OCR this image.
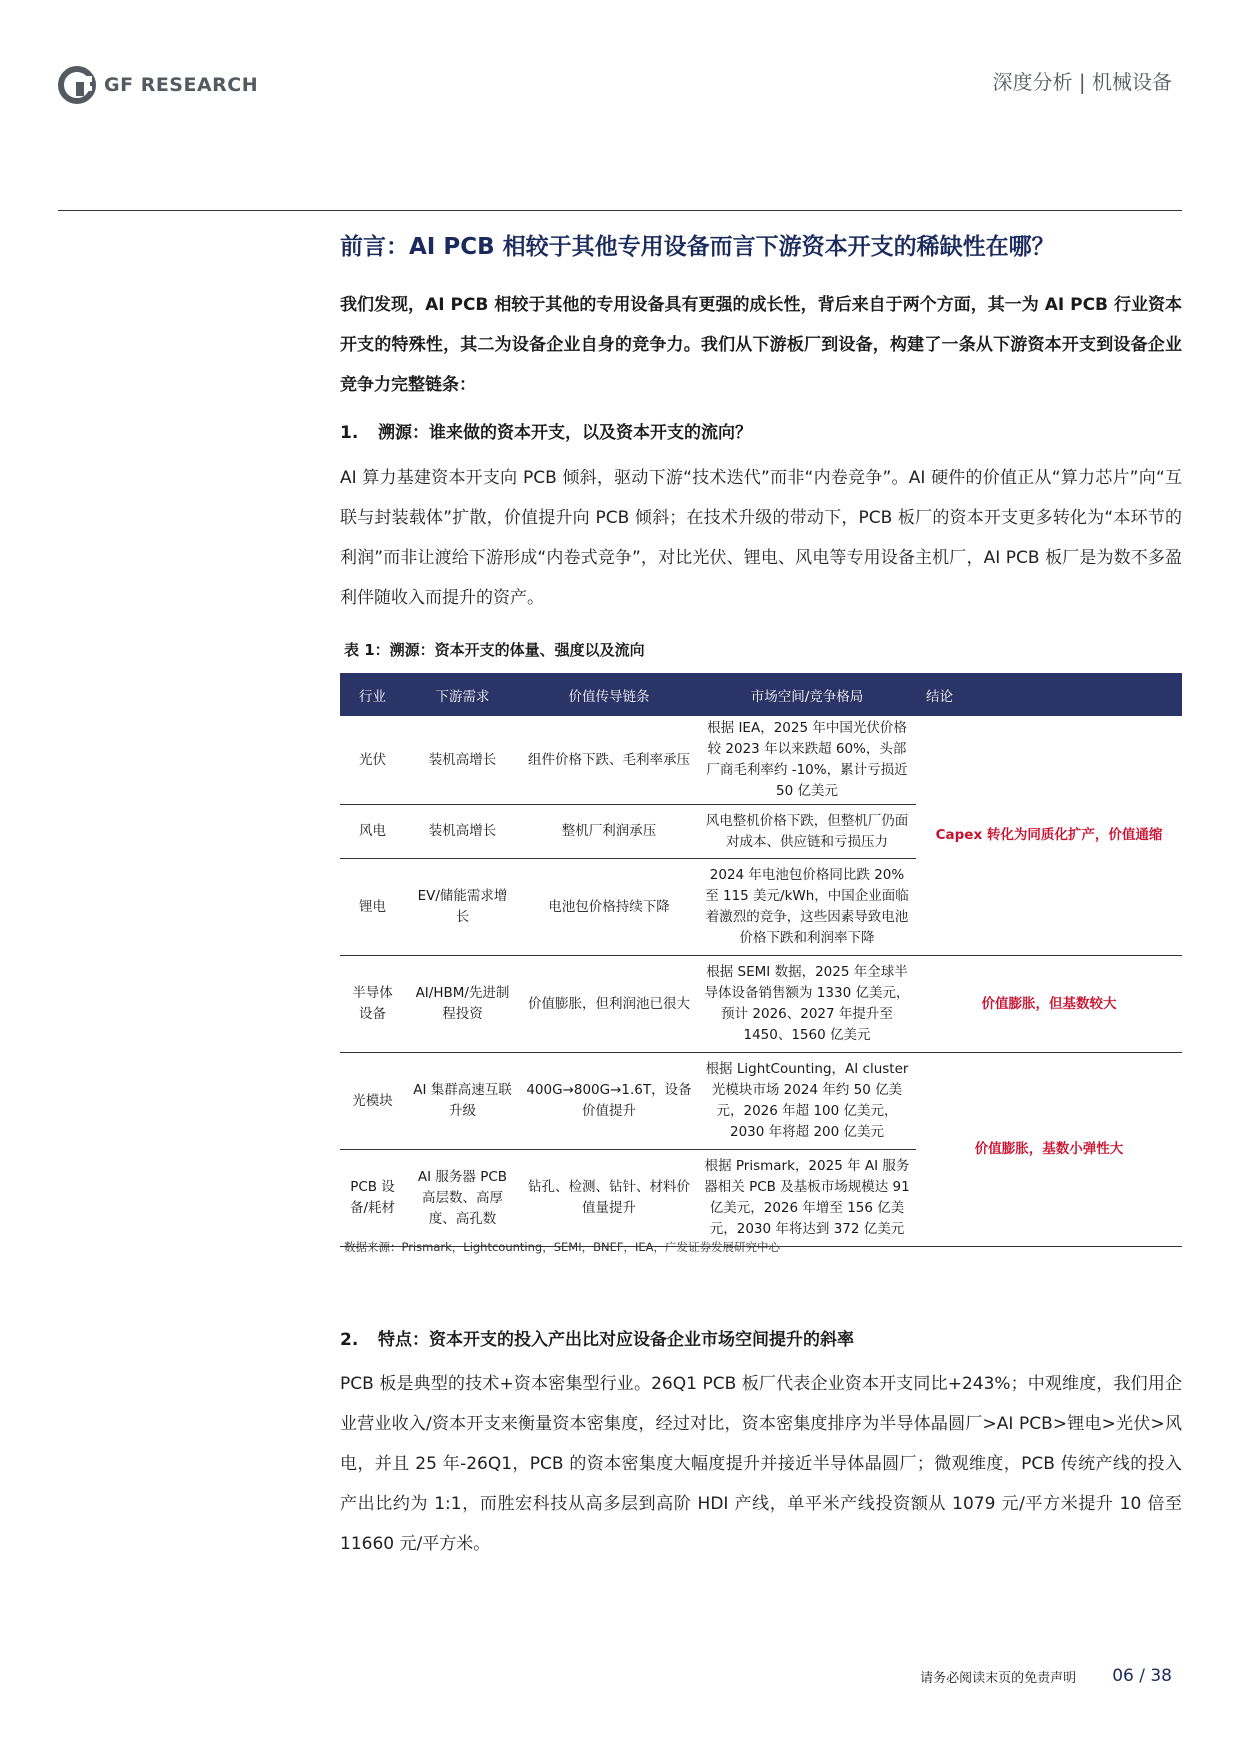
GF RESEARCH	深度分析 | 机械设备
前言：AI PCB 相较于其他专用设备而言下游资本开支的稀缺性在哪？
我们发现，AI PCB 相较于其他的专用设备具有更强的成长性，背后来自于两个方面，其一为 AI PCB 行业资本开支的特殊性，其二为设备企业自身的竞争力。我们从下游板厂到设备，构建了一条从下游资本开支到设备企业竞争力完整链条：
1. 溯源：谁来做的资本开支，以及资本开支的流向？
AI 算力基建资本开支向 PCB 倾斜，驱动下游“技术迭代”而非“内卷竞争”。AI 硬件的价值正从“算力芯片”向“互联与封装载体”扩散，价值提升向 PCB 倾斜；在技术升级的带动下，PCB 板厂的资本开支更多转化为“本环节的利润”而非让渡给下游形成“内卷式竞争”，对比光伏、锂电、风电等专用设备主机厂，AI PCB 板厂是为数不多盈利伴随收入而提升的资产。
表 1：溯源：资本开支的体量、强度以及流向
行业	下游需求	价值传导链条	市场空间/竞争格局	结论
光伏	装机高增长	组件价格下跌、毛利率承压	根据 IEA，2025 年中国光伏价格较 2023 年以来跌超 60%，头部厂商毛利率约 -10%，累计亏损近 50 亿美元	Capex 转化为同质化扩产，价值通缩
风电	装机高增长	整机厂利润承压	风电整机价格下跌，但整机厂仍面对成本、供应链和亏损压力	
锂电	EV/储能需求增长	电池包价格持续下降	2024 年电池包价格同比跌 20% 至 115 美元/kWh，中国企业面临着激烈的竞争，这些因素导致电池价格下跌和利润率下降	
半导体设备	AI/HBM/先进制程投资	价值膨胀，但利润池已很大	根据 SEMI 数据，2025 年全球半导体设备销售额为 1330 亿美元，预计 2026、2027 年提升至 1450、1560 亿美元	价值膨胀，但基数较大
光模块	AI 集群高速互联升级	400G→800G→1.6T，设备价值提升	根据 LightCounting，AI cluster 光模块市场 2024 年约 50 亿美元，2026 年超 100 亿美元，2030 年将超 200 亿美元	价值膨胀，基数小弹性大
PCB 设备/耗材	AI 服务器 PCB 高层数、高厚度、高孔数	钻孔、检测、钻针、材料价值量提升	根据 Prismark，2025 年 AI 服务器相关 PCB 及基板市场规模达 91 亿美元，2026 年增至 156 亿美元，2030 年将达到 372 亿美元	
数据来源：Prismark，Lightcounting，SEMI，BNEF，IEA，广发证券发展研究中心
2. 特点：资本开支的投入产出比对应设备企业市场空间提升的斜率
PCB 板是典型的技术+资本密集型行业。26Q1 PCB 板厂代表企业资本开支同比+243%；中观维度，我们用企业营业收入/资本开支来衡量资本密集度，经过对比，资本密集度排序为半导体晶圆厂>AI PCB>锂电>光伏>风电，并且 25 年-26Q1，PCB 的资本密集度大幅度提升并接近半导体晶圆厂；微观维度，PCB 传统产线的投入产出比约为 1:1，而胜宏科技从高多层到高阶 HDI 产线，单平米产线投资额从 1079 元/平方米提升 10 倍至 11660 元/平方米。
请务必阅读末页的免责声明 06 / 38
